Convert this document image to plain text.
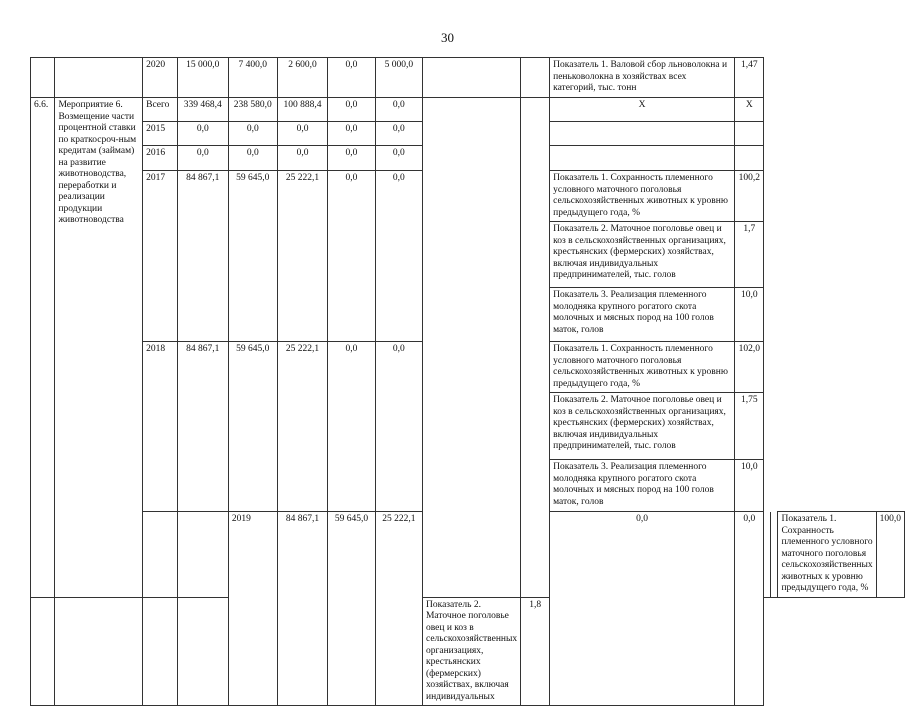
30
		2020	15 000,0	7 400,0	2 600,0	0,0	5 000,0			Показатель 1. Валовой сбор льноволокна и пеньковолокна в хозяйствах всех категорий, тыс. тонн	1,47				
6.6.	Мероприятие 6. Возмещение части процентной ставки по краткосроч-ным кредитам (займам) на развитие животноводства, переработки и реализации продукции животноводства	Всего	339 468,4	238 580,0	100 888,4	0,0	0,0			X	X				
		2015	0,0	0,0	0,0	0,0	0,0								
		2016	0,0	0,0	0,0	0,0	0,0								
		2017	84 867,1	59 645,0	25 222,1	0,0	0,0			Показатель 1. Сохранность племенного условного маточного поголовья сельскохозяйственных животных к уровню предыдущего года, %	100,2				
										Показатель 2. Маточное поголовье овец и коз в сельскохозяйственных организациях, крестьянских (фермерских) хозяйствах, включая индивидуальных предпринимателей, тыс. голов	1,7				
										Показатель 3. Реализация племенного молодняка крупного рогатого скота молочных и мясных пород на 100 голов маток, голов	10,0				
		2018	84 867,1	59 645,0	25 222,1	0,0	0,0			Показатель 1. Сохранность племенного условного маточного поголовья сельскохозяйственных животных к уровню предыдущего года, %	102,0				
										Показатель 2. Маточное поголовье овец и коз в сельскохозяйственных организациях, крестьянских (фермерских) хозяйствах, включая индивидуальных предпринимателей, тыс. голов	1,75				
										Показатель 3. Реализация племенного молодняка крупного рогатого скота молочных и мясных пород на 100 голов маток, голов	10,0				
				2019	84 867,1	59 645,0	25 222,1			0,0	0,0			Показатель 1. Сохранность племенного условного маточного поголовья сельскохозяйственных животных к уровню предыдущего года, %	100,0
								Показатель 2. Маточное поголовье овец и коз в сельскохозяйственных организациях, крестьянских (фермерских) хозяйствах, включая индивидуальных	1,8						
